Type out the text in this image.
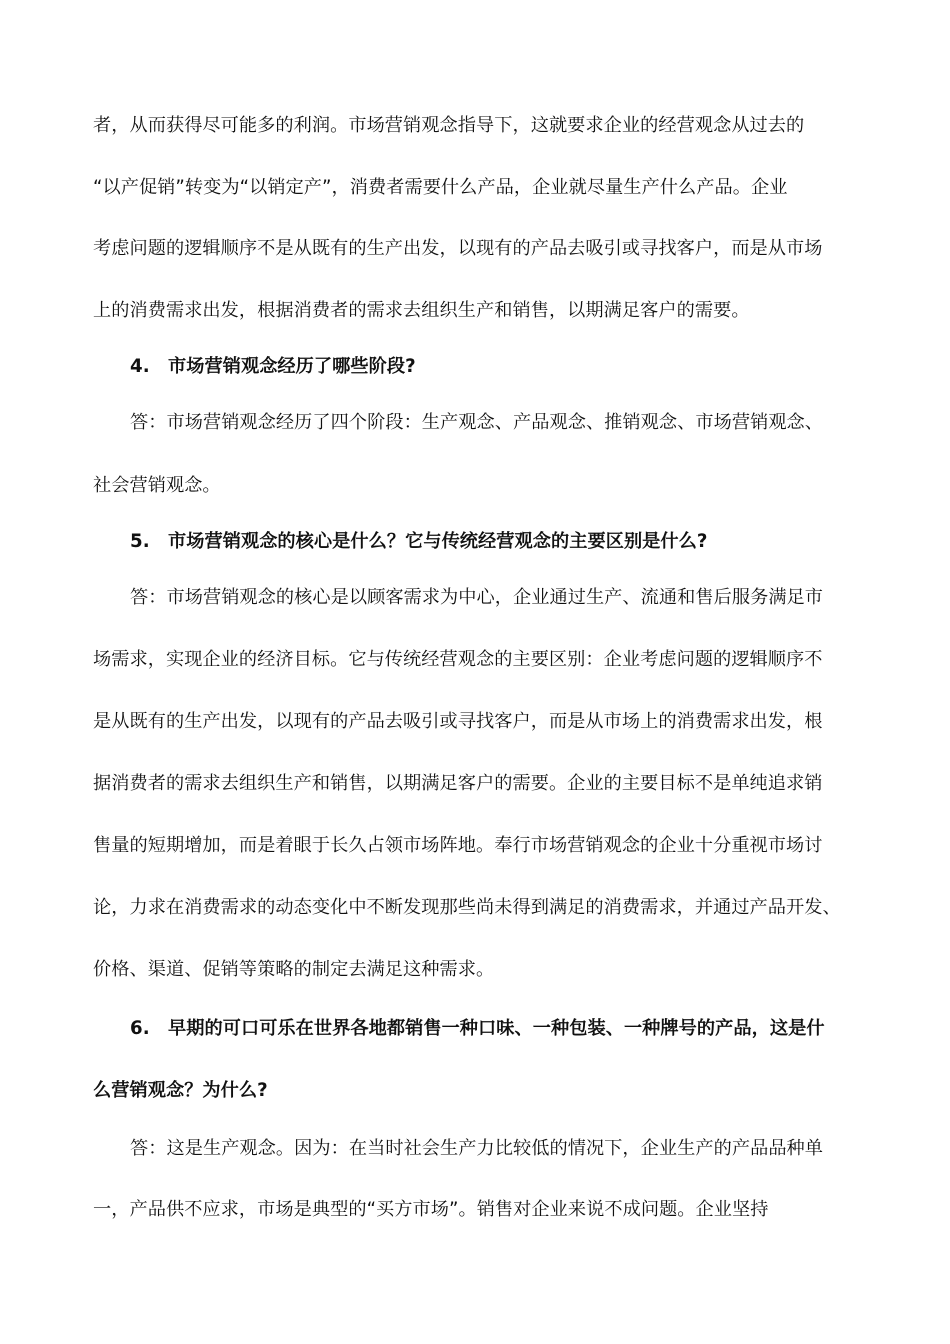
者，从而获得尽可能多的利润。市场营销观念指导下，这就要求企业的经营观念从过去的
“以产促销”转变为“以销定产”，消费者需要什么产品，企业就尽量生产什么产品。企业
考虑问题的逻辑顺序不是从既有的生产出发，以现有的产品去吸引或寻找客户，而是从市场
上的消费需求出发，根据消费者的需求去组织生产和销售，以期满足客户的需要。
4. 市场营销观念经历了哪些阶段?
答：市场营销观念经历了四个阶段：生产观念、产品观念、推销观念、市场营销观念、
社会营销观念。
5. 市场营销观念的核心是什么？它与传统经营观念的主要区别是什么?
答：市场营销观念的核心是以顾客需求为中心，企业通过生产、流通和售后服务满足市
场需求，实现企业的经济目标。它与传统经营观念的主要区别：企业考虑问题的逻辑顺序不
是从既有的生产出发，以现有的产品去吸引或寻找客户，而是从市场上的消费需求出发，根
据消费者的需求去组织生产和销售，以期满足客户的需要。企业的主要目标不是单纯追求销
售量的短期增加，而是着眼于长久占领市场阵地。奉行市场营销观念的企业十分重视市场讨
论，力求在消费需求的动态变化中不断发现那些尚未得到满足的消费需求，并通过产品开发、
价格、渠道、促销等策略的制定去满足这种需求。
6. 早期的可口可乐在世界各地都销售一种口味、一种包装、一种牌号的产品，这是什
么营销观念？为什么?
答：这是生产观念。因为：在当时社会生产力比较低的情况下，企业生产的产品品种单
一，产品供不应求，市场是典型的“买方市场”。销售对企业来说不成问题。企业坚持
